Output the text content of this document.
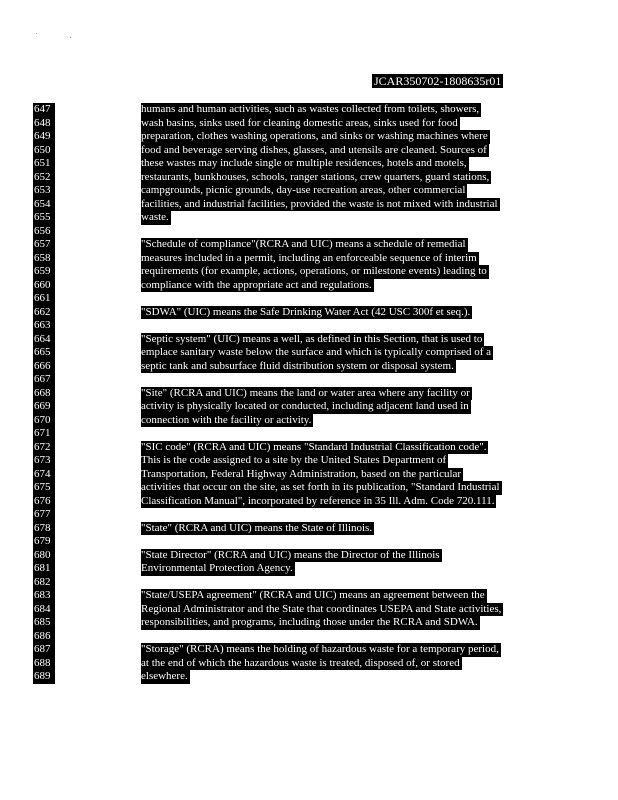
JCAR350702-1808635r01
647
648
649
650
651
652
653
654
655
656
657
658
659
660
661
662
663
664
665
666
667
668
669
670
671
672
673
674
675
676
677
678
679
680
681
682
683
684
685
686
687
688
689
humans and human activities, such as wastes collected from toilets, showers,
wash basins, sinks used for cleaning domestic areas, sinks used for food
preparation, clothes washing operations, and sinks or washing machines where
food and beverage serving dishes, glasses, and utensils are cleaned. Sources of
these wastes may include single or multiple residences, hotels and motels,
restaurants, bunkhouses, schools, ranger stations, crew quarters, guard stations,
campgrounds, picnic grounds, day-use recreation areas, other commercial
facilities, and industrial facilities, provided the waste is not mixed with industrial
waste.
"Schedule of compliance"(RCRA and UIC) means a schedule of remedial
measures included in a permit, including an enforceable sequence of interim
requirements (for example, actions, operations, or milestone events) leading to
compliance with the appropriate act and regulations.
"SDWA" (UIC) means the Safe Drinking Water Act (42 USC 300f et seq.).
"Septic system" (UIC) means a well, as defined in this Section, that is used to
emplace sanitary waste below the surface and which is typically comprised of a
septic tank and subsurface fluid distribution system or disposal system.
"Site" (RCRA and UIC) means the land or water area where any facility or
activity is physically located or conducted, including adjacent land used in
connection with the facility or activity.
"SIC code" (RCRA and UIC) means "Standard Industrial Classification code".
This is the code assigned to a site by the United States Department of
Transportation, Federal Highway Administration, based on the particular
activities that occur on the site, as set forth in its publication, "Standard Industrial
Classification Manual", incorporated by reference in 35 Ill. Adm. Code 720.111.
"State" (RCRA and UIC) means the State of Illinois.
"State Director" (RCRA and UIC) means the Director of the Illinois
Environmental Protection Agency.
"State/USEPA agreement" (RCRA and UIC) means an agreement between the
Regional Administrator and the State that coordinates USEPA and State activities,
responsibilities, and programs, including those under the RCRA and SDWA.
"Storage" (RCRA) means the holding of hazardous waste for a temporary period,
at the end of which the hazardous waste is treated, disposed of, or stored
elsewhere.
